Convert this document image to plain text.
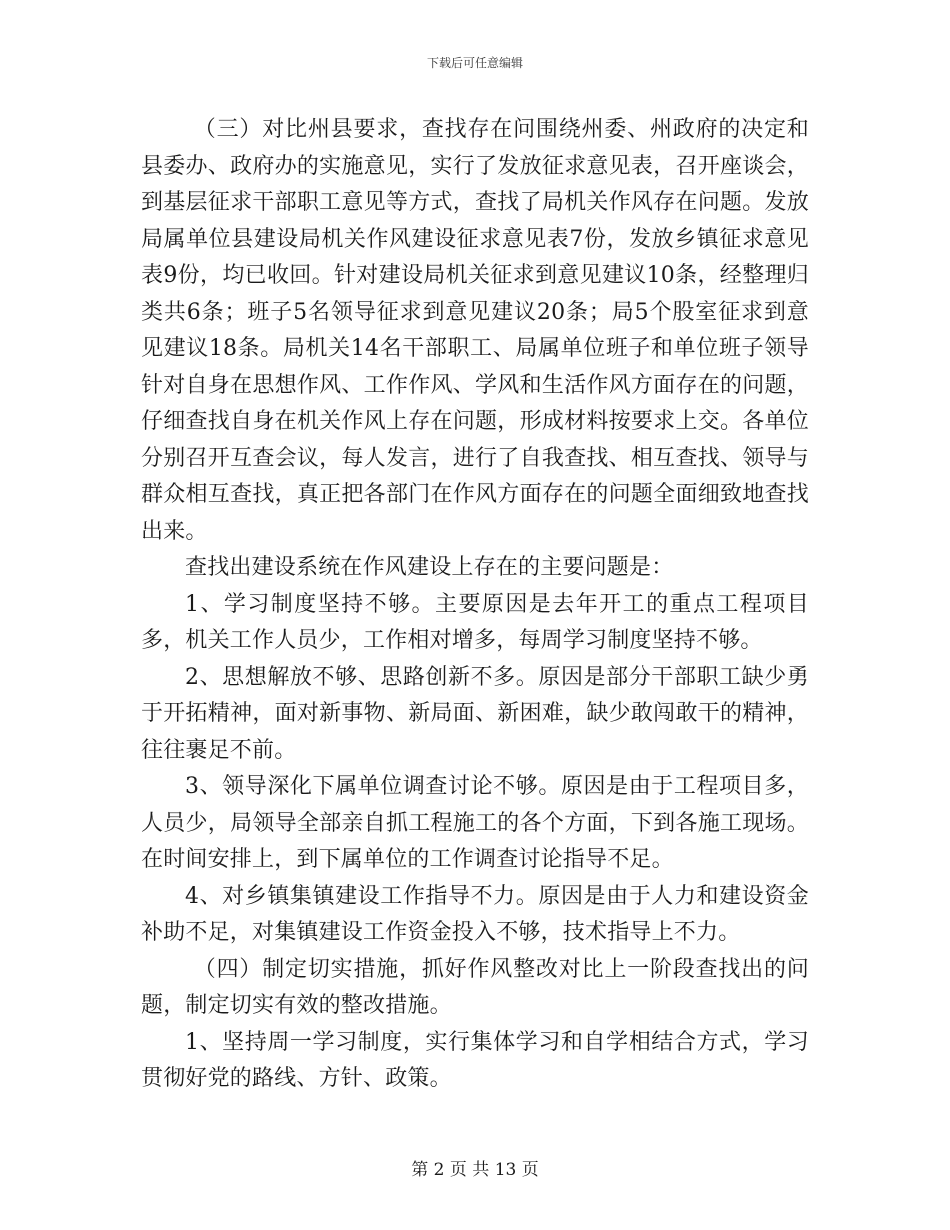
下载后可任意编辑

（三）对比州县要求，查找存在问围绕州委、州政府的决定和县委办、政府办的实施意见，实行了发放征求意见表，召开座谈会，到基层征求干部职工意见等方式，查找了局机关作风存在问题。发放局属单位县建设局机关作风建设征求意见表7份，发放乡镇征求意见表9份，均已收回。针对建设局机关征求到意见建议10条，经整理归类共6条；班子5名领导征求到意见建议20条；局5个股室征求到意见建议18条。局机关14名干部职工、局属单位班子和单位班子领导针对自身在思想作风、工作作风、学风和生活作风方面存在的问题，仔细查找自身在机关作风上存在问题，形成材料按要求上交。各单位分别召开互查会议，每人发言，进行了自我查找、相互查找、领导与群众相互查找，真正把各部门在作风方面存在的问题全面细致地查找出来。

查找出建设系统在作风建设上存在的主要问题是：

1、学习制度坚持不够。主要原因是去年开工的重点工程项目多，机关工作人员少，工作相对增多，每周学习制度坚持不够。

2、思想解放不够、思路创新不多。原因是部分干部职工缺少勇于开拓精神，面对新事物、新局面、新困难，缺少敢闯敢干的精神，往往裹足不前。

3、领导深化下属单位调查讨论不够。原因是由于工程项目多，人员少，局领导全部亲自抓工程施工的各个方面，下到各施工现场。在时间安排上，到下属单位的工作调查讨论指导不足。

4、对乡镇集镇建设工作指导不力。原因是由于人力和建设资金补助不足，对集镇建设工作资金投入不够，技术指导上不力。

（四）制定切实措施，抓好作风整改对比上一阶段查找出的问题，制定切实有效的整改措施。

1、坚持周一学习制度，实行集体学习和自学相结合方式，学习贯彻好党的路线、方针、政策。

第 2 页 共 13 页
